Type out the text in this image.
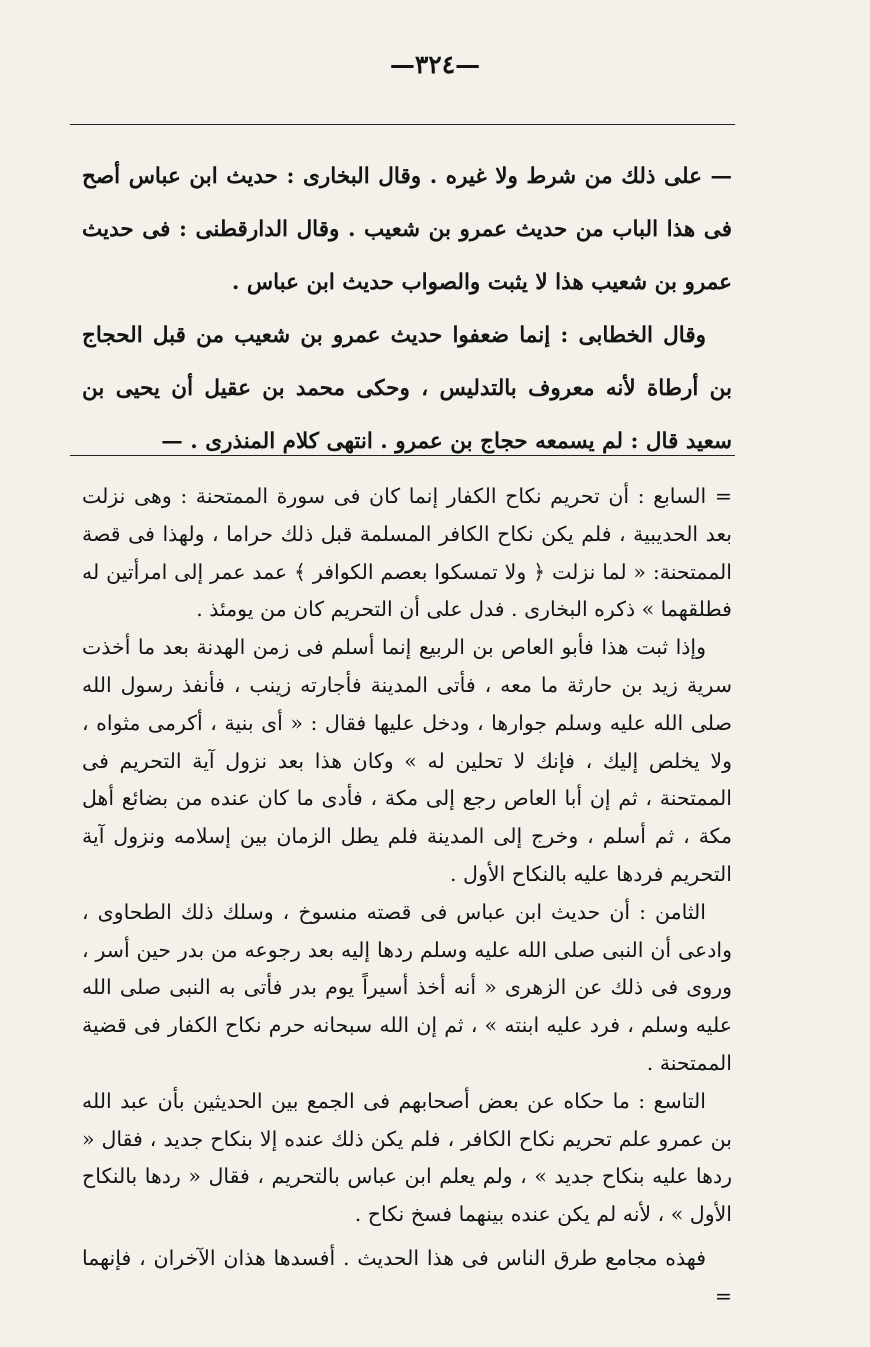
—٣٢٤—

— على ذلك من شرط ولا غيره . وقال البخارى : حديث ابن عباس أصح فى هذا الباب من حديث عمرو بن شعيب . وقال الدارقطنى : فى حديث عمرو بن شعيب هذا لا يثبت والصواب حديث ابن عباس .

وقال الخطابى : إنما ضعفوا حديث عمرو بن شعيب من قبل الحجاج بن أرطاة لأنه معروف بالتدليس ، وحكى محمد بن عقيل أن يحيى بن سعيد قال : لم يسمعه حجاج بن عمرو . انتهى كلام المنذرى . —

= السابع : أن تحريم نكاح الكفار إنما كان فى سورة الممتحنة : وهى نزلت بعد الحديبية ، فلم يكن نكاح الكافر المسلمة قبل ذلك حراما ، ولهذا فى قصة الممتحنة: « لما نزلت ﴿ ولا تمسكوا بعصم الكوافر ﴾ عمد عمر إلى امرأتين له فطلقهما » ذكره البخارى . فدل على أن التحريم كان من يومئذ .

وإذا ثبت هذا فأبو العاص بن الربيع إنما أسلم فى زمن الهدنة بعد ما أخذت سرية زيد بن حارثة ما معه ، فأتى المدينة فأجارته زينب ، فأنفذ رسول الله صلى الله عليه وسلم جوارها ، ودخل عليها فقال : « أى بنية ، أكرمى مثواه ، ولا يخلص إليك ، فإنك لا تحلين له » وكان هذا بعد نزول آية التحريم فى الممتحنة ، ثم إن أبا العاص رجع إلى مكة ، فأدى ما كان عنده من بضائع أهل مكة ، ثم أسلم ، وخرج إلى المدينة فلم يطل الزمان بين إسلامه ونزول آية التحريم فردها عليه بالنكاح الأول .

الثامن : أن حديث ابن عباس فى قصته منسوخ ، وسلك ذلك الطحاوى ، وادعى أن النبى صلى الله عليه وسلم ردها إليه بعد رجوعه من بدر حين أسر ، وروى فى ذلك عن الزهرى « أنه أخذ أسيراً يوم بدر فأتى به النبى صلى الله عليه وسلم ، فرد عليه ابنته » ، ثم إن الله سبحانه حرم نكاح الكفار فى قضية الممتحنة .

التاسع : ما حكاه عن بعض أصحابهم فى الجمع بين الحديثين بأن عبد الله بن عمرو علم تحريم نكاح الكافر ، فلم يكن ذلك عنده إلا بنكاح جديد ، فقال « ردها عليه بنكاح جديد » ، ولم يعلم ابن عباس بالتحريم ، فقال « ردها بالنكاح الأول » ، لأنه لم يكن عنده بينهما فسخ نكاح .

فهذه مجامع طرق الناس فى هذا الحديث . أفسدها هذان الآخران ، فإنهما =
